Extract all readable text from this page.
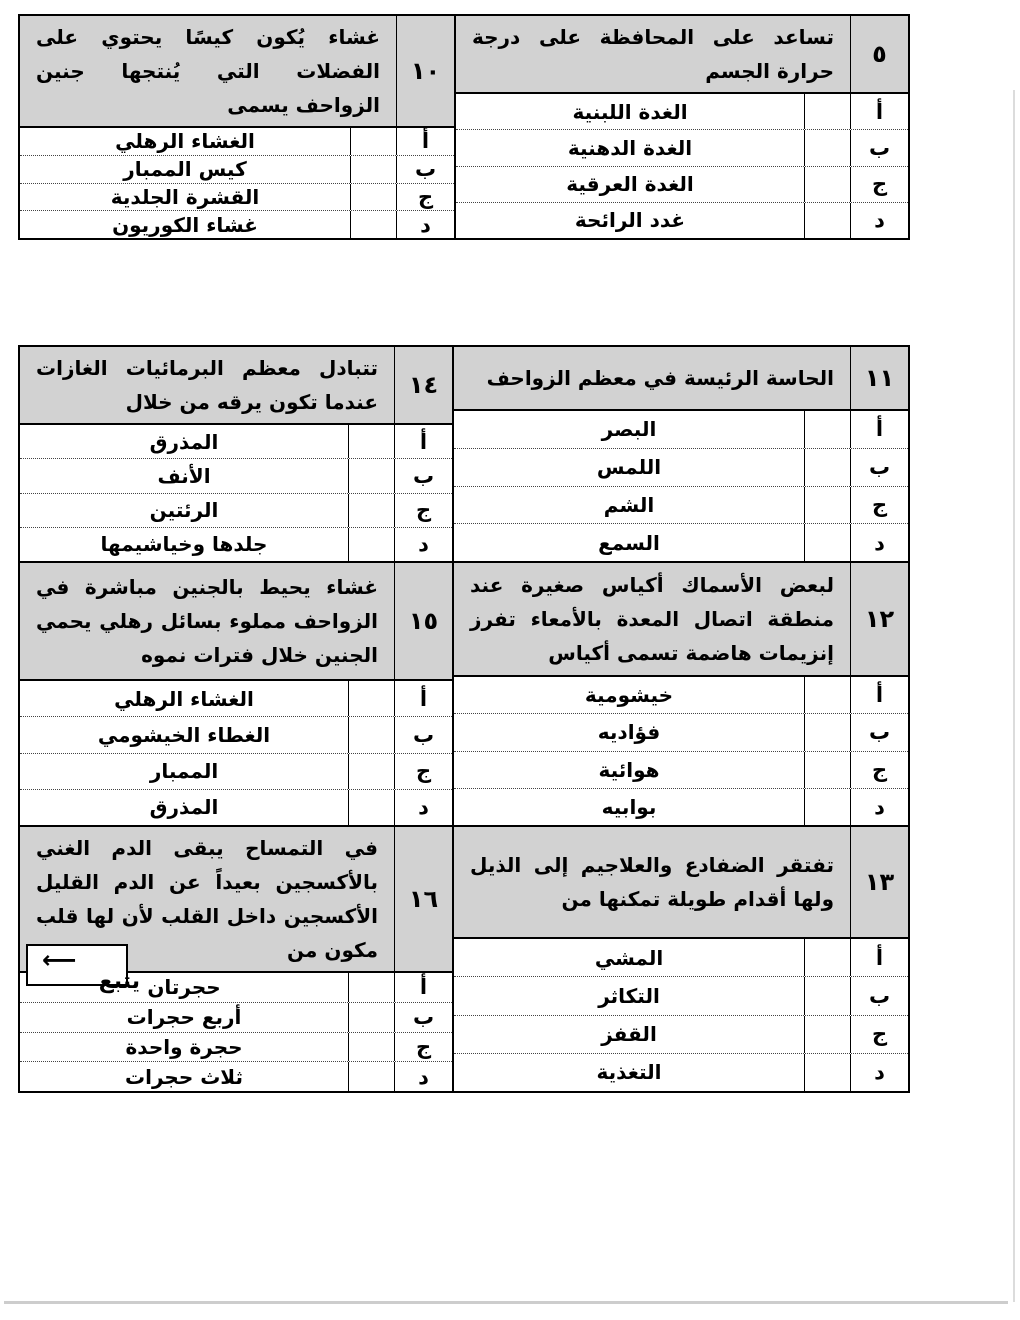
٥
تساعد على المحافظة على درجة حرارة الجسم
أ
الغدة اللبنية
ب
الغدة الدهنية
ج
الغدة العرقية
د
غدد الرائحة
١٠
غشاء يُكون كيسًا يحتوي على الفضلات التي يُنتجها جنين الزواحف يسمى
أ
الغشاء الرهلي
ب
كيس الممبار
ج
القشرة الجلدية
د
غشاء الكوريون
١١
الحاسة الرئيسة في معظم الزواحف
أ
البصر
ب
اللمس
ج
الشم
د
السمع
١٢
لبعض الأسماك أكياس صغيرة عند منطقة اتصال المعدة بالأمعاء تفرز إنزيمات هاضمة تسمى أكياس
أ
خيشومية
ب
فؤاديه
ج
هوائية
د
بوابيه
١٣
تفتقر الضفادع والعلاجيم إلى الذيل ولها أقدام طويلة تمكنها من
أ
المشي
ب
التكاثر
ج
القفز
د
التغذية
١٤
تتبادل معظم البرمائيات الغازات عندما تكون يرقه من خلال
أ
المذرق
ب
الأنف
ج
الرئتين
د
جلدها وخياشيمها
١٥
غشاء يحيط بالجنين مباشرة في الزواحف مملوء بسائل رهلي يحمي الجنين خلال فترات نموه
أ
الغشاء الرهلي
ب
الغطاء الخيشومي
ج
الممبار
د
المذرق
١٦
في التمساح يبقى الدم الغني بالأكسجين بعيداً عن الدم القليل الأكسجين داخل القلب لأن لها قلب مكون من
أ
حجرتان
ب
أربع حجرات
ج
حجرة واحدة
د
ثلاث حجرات
⟵
يتبع
